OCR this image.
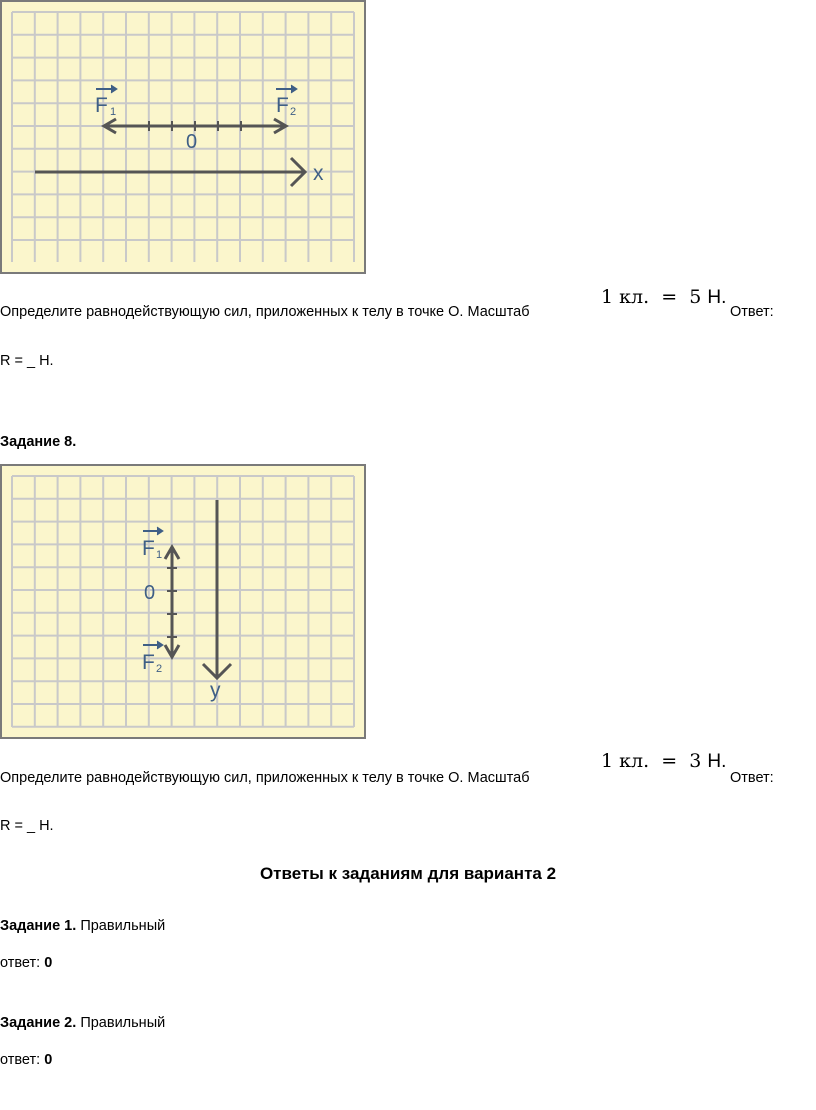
F 1	F 2
0
x
Определите равнодействующую сил, приложенных к телу в точке O. Масштаб
1 кл. = 5 Н.
Ответ:
R = _ Н.
Задание 8.
F 1
F 2
0
y
Определите равнодействующую сил, приложенных к телу в точке O. Масштаб
1 кл. = 3 Н.
Ответ:
R = _ Н.
Ответы к заданиям для варианта 2
Задание 1. Правильный
ответ: 0
Задание 2. Правильный
ответ: 0
